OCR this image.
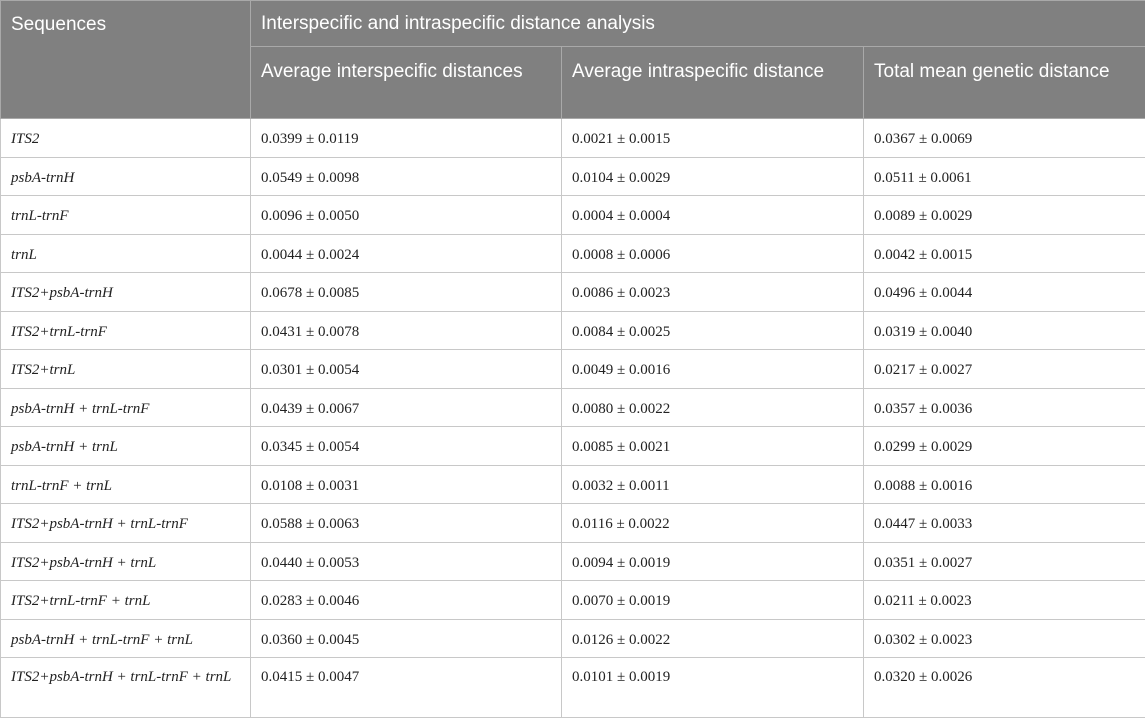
Sequences	Interspecific and intraspecific distance analysis		
	Average interspecific distances	Average intraspecific distance	Total mean genetic distance
ITS2	0.0399 ± 0.0119	0.0021 ± 0.0015	0.0367 ± 0.0069
psbA-trnH	0.0549 ± 0.0098	0.0104 ± 0.0029	0.0511 ± 0.0061
trnL-trnF	0.0096 ± 0.0050	0.0004 ± 0.0004	0.0089 ± 0.0029
trnL	0.0044 ± 0.0024	0.0008 ± 0.0006	0.0042 ± 0.0015
ITS2+psbA-trnH	0.0678 ± 0.0085	0.0086 ± 0.0023	0.0496 ± 0.0044
ITS2+trnL-trnF	0.0431 ± 0.0078	0.0084 ± 0.0025	0.0319 ± 0.0040
ITS2+trnL	0.0301 ± 0.0054	0.0049 ± 0.0016	0.0217 ± 0.0027
psbA-trnH + trnL-trnF	0.0439 ± 0.0067	0.0080 ± 0.0022	0.0357 ± 0.0036
psbA-trnH + trnL	0.0345 ± 0.0054	0.0085 ± 0.0021	0.0299 ± 0.0029
trnL-trnF + trnL	0.0108 ± 0.0031	0.0032 ± 0.0011	0.0088 ± 0.0016
ITS2+psbA-trnH + trnL-trnF	0.0588 ± 0.0063	0.0116 ± 0.0022	0.0447 ± 0.0033
ITS2+psbA-trnH + trnL	0.0440 ± 0.0053	0.0094 ± 0.0019	0.0351 ± 0.0027
ITS2+trnL-trnF + trnL	0.0283 ± 0.0046	0.0070 ± 0.0019	0.0211 ± 0.0023
psbA-trnH + trnL-trnF + trnL	0.0360 ± 0.0045	0.0126 ± 0.0022	0.0302 ± 0.0023
ITS2+psbA-trnH + trnL-trnF + trnL	0.0415 ± 0.0047	0.0101 ± 0.0019	0.0320 ± 0.0026
